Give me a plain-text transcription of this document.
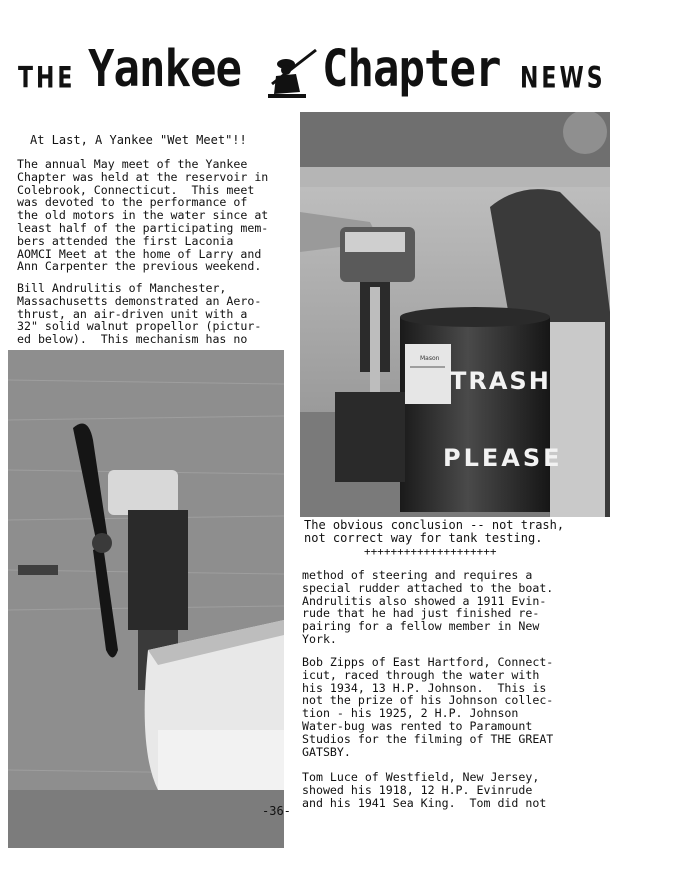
THE Yankee Chapter NEWS
At Last, A Yankee "Wet Meet"!!
The annual May meet of the Yankee
Chapter was held at the reservoir in
Colebrook, Connecticut.  This meet
was devoted to the performance of
the old motors in the water since at
least half of the participating mem-
bers attended the first Laconia
AOMCI Meet at the home of Larry and
Ann Carpenter the previous weekend.
Bill Andrulitis of Manchester,
Massachusetts demonstrated an Aero-
thrust, an air-driven unit with a
32" solid walnut propellor (pictur-
ed below).  This mechanism has no
Mason
TRASH
PLEASE
The obvious conclusion -- not trash,
not correct way for tank testing.
++++++++++++++++++++
method of steering and requires a
special rudder attached to the boat.
Andrulitis also showed a 1911 Evin-
rude that he had just finished re-
pairing for a fellow member in New
York.
Bob Zipps of East Hartford, Connect-
icut, raced through the water with
his 1934, 13 H.P. Johnson.  This is
not the prize of his Johnson collec-
tion - his 1925, 2 H.P. Johnson
Water-bug was rented to Paramount
Studios for the filming of THE GREAT
GATSBY.
Tom Luce of Westfield, New Jersey,
showed his 1918, 12 H.P. Evinrude
and his 1941 Sea King.  Tom did not
-36-
